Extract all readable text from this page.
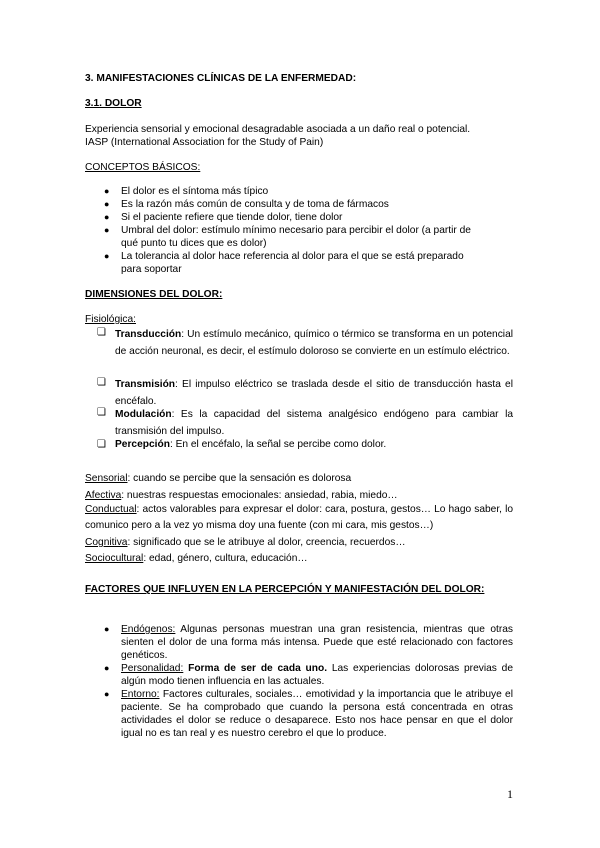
3. MANIFESTACIONES CLÍNICAS DE LA ENFERMEDAD:
3.1. DOLOR
Experiencia sensorial y emocional desagradable asociada a un daño real o potencial.
IASP (International Association for the Study of Pain)
CONCEPTOS BÁSICOS:
● El dolor es el síntoma más típico
● Es la razón más común de consulta y de toma de fármacos
● Si el paciente refiere que tiende dolor, tiene dolor
● Umbral del dolor: estímulo mínimo necesario para percibir el dolor (a partir de
qué punto tu dices que es dolor)
● La tolerancia al dolor hace referencia al dolor para el que se está preparado
para soportar
DIMENSIONES DEL DOLOR:
Fisiológica:
❏ Transducción: Un estímulo mecánico, químico o térmico se transforma en un potencial de acción neuronal, es decir, el estímulo doloroso se convierte en un estímulo eléctrico.
❏ Transmisión: El impulso eléctrico se traslada desde el sitio de transducción hasta el encéfalo.
❏ Modulación: Es la capacidad del sistema analgésico endógeno para cambiar la transmisión del impulso.
❏ Percepción: En el encéfalo, la señal se percibe como dolor.
Sensorial: cuando se percibe que la sensación es dolorosa
Afectiva: nuestras respuestas emocionales: ansiedad, rabia, miedo…
Conductual: actos valorables para expresar el dolor: cara, postura, gestos… Lo hago saber, lo comunico pero a la vez yo misma doy una fuente (con mi cara, mis gestos…)
Cognitiva: significado que se le atribuye al dolor, creencia, recuerdos…
Sociocultural: edad, género, cultura, educación…
FACTORES QUE INFLUYEN EN LA PERCEPCIÓN Y MANIFESTACIÓN DEL DOLOR:
● Endógenos: Algunas personas muestran una gran resistencia, mientras que otras sienten el dolor de una forma más intensa. Puede que esté relacionado con factores genéticos.
● Personalidad: Forma de ser de cada uno. Las experiencias dolorosas previas de algún modo tienen influencia en las actuales.
● Entorno: Factores culturales, sociales… emotividad y la importancia que le atribuye el paciente. Se ha comprobado que cuando la persona está concentrada en otras actividades el dolor se reduce o desaparece. Esto nos hace pensar en que el dolor igual no es tan real y es nuestro cerebro el que lo produce.
1
